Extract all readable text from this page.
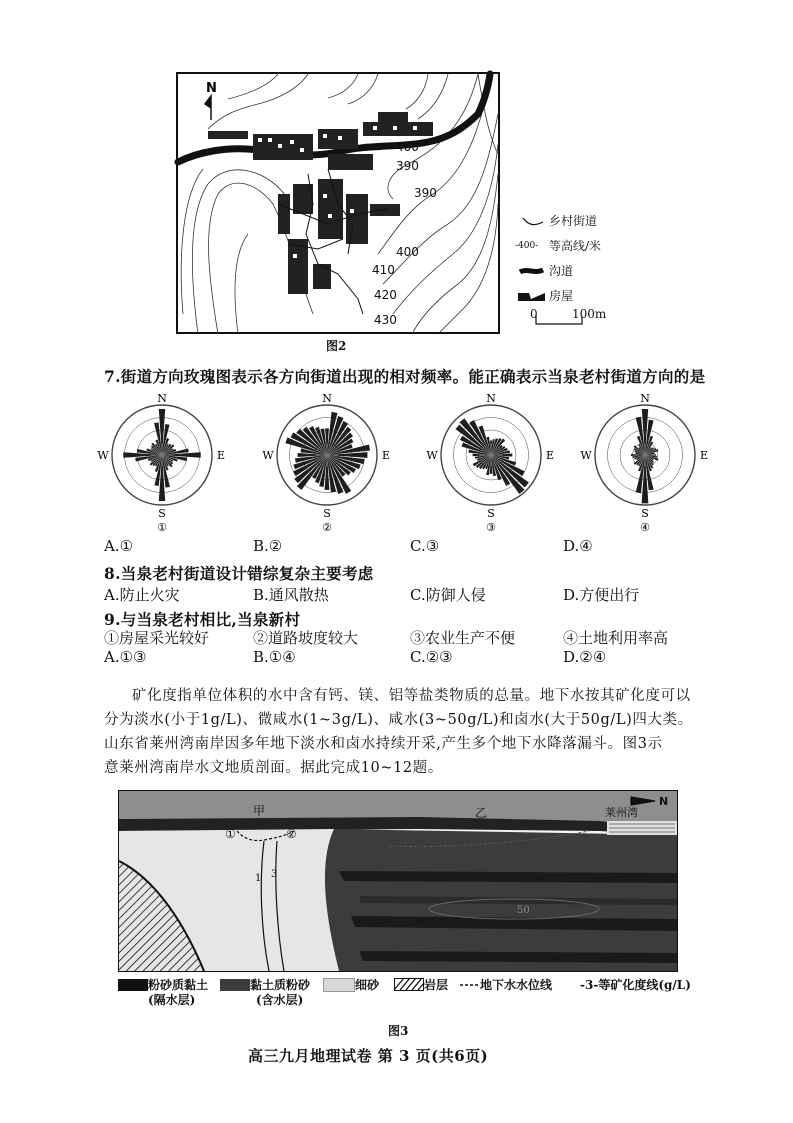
400
390
390
400
410
420
430
N
乡村街道
-400- 等高线/米
沟道
房屋
0	100m
图2
7.街道方向玫瑰图表示各方向街道出现的相对频率。能正确表示当泉老村街道方向的是
N
S
W	E
①
N
S
W	E
②
N
S
W	E
③
N
S
W	E
④
A.①	B.②	C.③	D.④
8.当泉老村街道设计错综复杂主要考虑
A.防止火灾	B.通风散热	C.防御人侵	D.方便出行
9.与当泉老村相比,当泉新村
①房屋采光较好	②道路坡度较大	③农业生产不便	④土地利用率高
A.①③	B.①④	C.②③	D.②④
矿化度指单位体积的水中含有钙、镁、铝等盐类物质的总量。地下水按其矿化度可以
分为淡水(小于1g/L)、微咸水(1~3g/L)、咸水(3~50g/L)和卤水(大于50g/L)四大类。
山东省莱州湾南岸因多年地下淡水和卤水持续开采,产生多个地下水降落漏斗。图3示
意莱州湾南岸水文地质剖面。据此完成10~12题。
甲	乙	莱州湾
①	②
1 3
50
N
粉砂质黏土
(隔水层)
黏土质粉砂
(含水层)
细砂	岩层	地下水水位线 -3- 等矿化度线(g/L)
图3
高三九月地理试卷 第 3 页(共6页)
